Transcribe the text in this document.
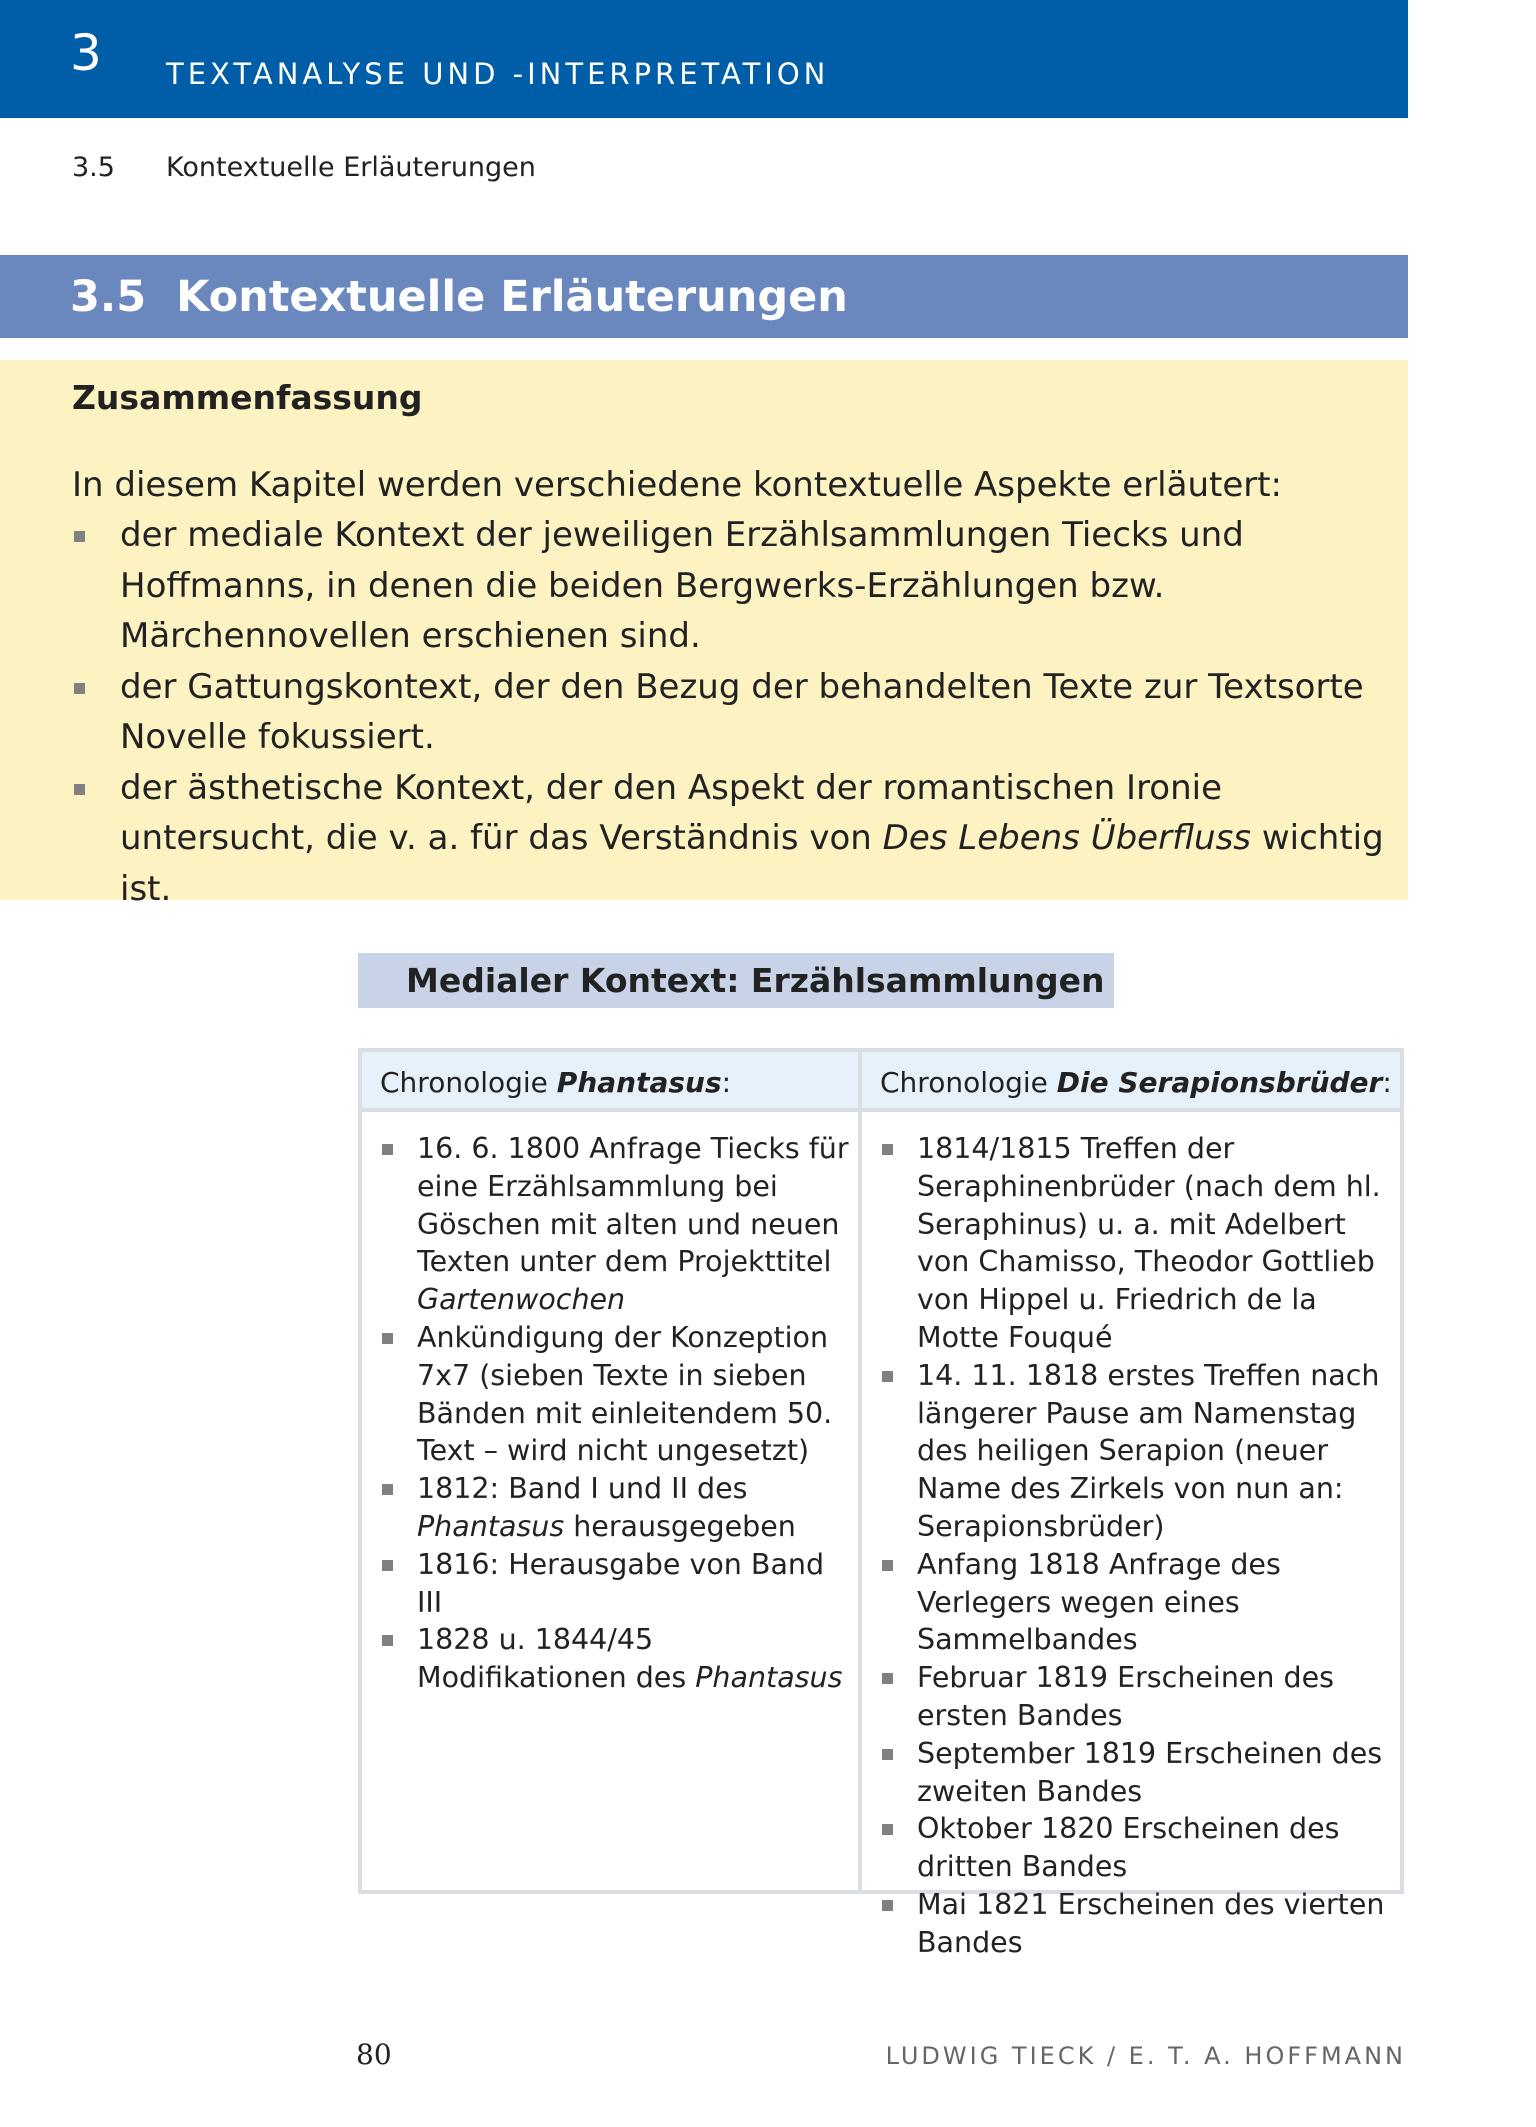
3 TEXTANALYSE UND -INTERPRETATION
3.5 Kontextuelle Erläuterungen
3.5  Kontextuelle Erläuterungen
Zusammenfassung
In diesem Kapitel werden verschiedene kontextuelle Aspekte erläutert:
der mediale Kontext der jeweiligen Erzählsammlungen Tiecks und Hoffmanns, in denen die beiden Bergwerks-Erzählungen bzw. Märchennovellen erschienen sind.
der Gattungskontext, der den Bezug der behandelten Texte zur Textsorte Novelle fokussiert.
der ästhetische Kontext, der den Aspekt der romantischen Ironie untersucht, die v. a. für das Verständnis von Des Lebens Überfluss wichtig ist.
Medialer Kontext: Erzählsammlungen
Chronologie Phantasus:	Chronologie Die Serapionsbrüder:
16. 6. 1800 Anfrage Tiecks für eine Erzählsammlung bei Göschen mit alten und neuen Texten unter dem Projekttitel Gartenwochen
Ankündigung der Konzeption 7x7 (sieben Texte in sieben Bänden mit einleitendem 50. Text – wird nicht ungesetzt)
1812: Band I und II des Phantasus herausgegeben
1816: Herausgabe von Band III
1828 u. 1844/45 Modifikationen des Phantasus
1814/1815 Treffen der Seraphinenbrüder (nach dem hl. Seraphinus) u. a. mit Adelbert von Chamisso, Theodor Gottlieb von Hippel u. Friedrich de la Motte Fouqué
14. 11. 1818 erstes Treffen nach längerer Pause am Namenstag des heiligen Serapion (neuer Name des Zirkels von nun an: Serapionsbrüder)
Anfang 1818 Anfrage des Verlegers wegen eines Sammelbandes
Februar 1819 Erscheinen des ersten Bandes
September 1819 Erscheinen des zweiten Bandes
Oktober 1820 Erscheinen des dritten Bandes
Mai 1821 Erscheinen des vierten Bandes
80	LUDWIG TIECK / E. T. A. HOFFMANN
